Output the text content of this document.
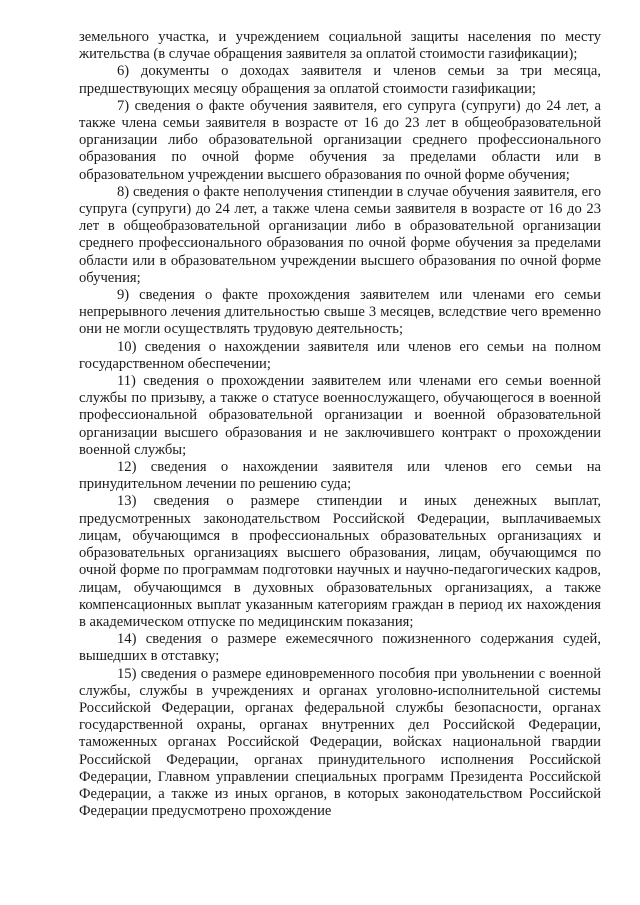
земельного участка, и учреждением социальной защиты населения по месту жительства (в случае обращения заявителя за оплатой стоимости газификации);

6) документы о доходах заявителя и членов семьи за три месяца, предшествующих месяцу обращения за оплатой стоимости газификации;

7) сведения о факте обучения заявителя, его супруга (супруги) до 24 лет, а также члена семьи заявителя в возрасте от 16 до 23 лет в общеобразовательной организации либо образовательной организации среднего профессионального образования по очной форме обучения за пределами области или в образовательном учреждении высшего образования по очной форме обучения;

8) сведения о факте неполучения стипендии в случае обучения заявителя, его супруга (супруги) до 24 лет, а также члена семьи заявителя в возрасте от 16 до 23 лет в общеобразовательной организации либо в образовательной организации среднего профессионального образования по очной форме обучения за пределами области или в образовательном учреждении высшего образования по очной форме обучения;

9) сведения о факте прохождения заявителем или членами его семьи непрерывного лечения длительностью свыше 3 месяцев, вследствие чего временно они не могли осуществлять трудовую деятельность;

10) сведения о нахождении заявителя или членов его семьи на полном государственном обеспечении;

11) сведения о прохождении заявителем или членами его семьи военной службы по призыву, а также о статусе военнослужащего, обучающегося в военной профессиональной образовательной организации и военной образовательной организации высшего образования и не заключившего контракт о прохождении военной службы;

12) сведения о нахождении заявителя или членов его семьи на принудительном лечении по решению суда;

13) сведения о размере стипендии и иных денежных выплат, предусмотренных законодательством Российской Федерации, выплачиваемых лицам, обучающимся в профессиональных образовательных организациях и образовательных организациях высшего образования, лицам, обучающимся по очной форме по программам подготовки научных и научно-педагогических кадров, лицам, обучающимся в духовных образовательных организациях, а также компенсационных выплат указанным категориям граждан в период их нахождения в академическом отпуске по медицинским показания;

14) сведения о размере ежемесячного пожизненного содержания судей, вышедших в отставку;

15) сведения о размере единовременного пособия при увольнении с военной службы, службы в учреждениях и органах уголовно-исполнительной системы Российской Федерации, органах федеральной службы безопасности, органах государственной охраны, органах внутренних дел Российской Федерации, таможенных органах Российской Федерации, войсках национальной гвардии Российской Федерации, органах принудительного исполнения Российской Федерации, Главном управлении специальных программ Президента Российской Федерации, а также из иных органов, в которых законодательством Российской Федерации предусмотрено прохождение
